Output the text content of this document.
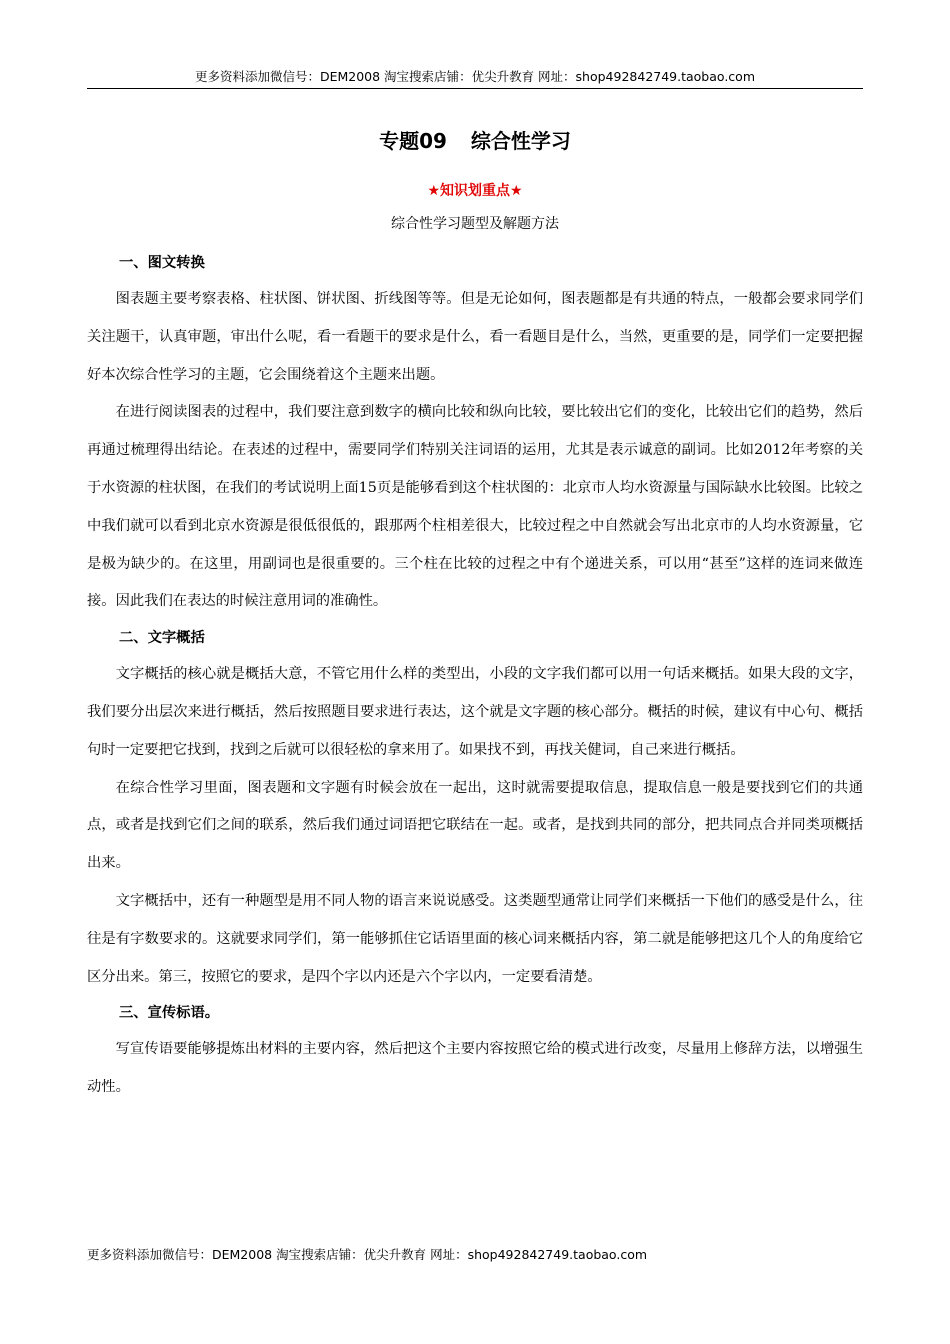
更多资料添加微信号：DEM2008 淘宝搜索店铺：优尖升教育 网址：shop492842749.taobao.com
专题09 综合性学习
★知识划重点★
综合性学习题型及解题方法
一、图文转换

图表题主要考察表格、柱状图、饼状图、折线图等等。但是无论如何，图表题都是有共通的特点，一般都会要求同学们关注题干，认真审题，审出什么呢，看一看题干的要求是什么，看一看题目是什么，当然，更重要的是，同学们一定要把握好本次综合性学习的主题，它会围绕着这个主题来出题。

在进行阅读图表的过程中，我们要注意到数字的横向比较和纵向比较，要比较出它们的变化，比较出它们的趋势，然后再通过梳理得出结论。在表述的过程中，需要同学们特别关注词语的运用，尤其是表示诚意的副词。比如2012年考察的关于水资源的柱状图，在我们的考试说明上面15页是能够看到这个柱状图的：北京市人均水资源量与国际缺水比较图。比较之中我们就可以看到北京水资源是很低很低的，跟那两个柱相差很大，比较过程之中自然就会写出北京市的人均水资源量，它是极为缺少的。在这里，用副词也是很重要的。三个柱在比较的过程之中有个递进关系，可以用“甚至”这样的连词来做连接。因此我们在表达的时候注意用词的准确性。

二、文字概括

文字概括的核心就是概括大意，不管它用什么样的类型出，小段的文字我们都可以用一句话来概括。如果大段的文字，我们要分出层次来进行概括，然后按照题目要求进行表达，这个就是文字题的核心部分。概括的时候，建议有中心句、概括句时一定要把它找到，找到之后就可以很轻松的拿来用了。如果找不到，再找关健词，自己来进行概括。

在综合性学习里面，图表题和文字题有时候会放在一起出，这时就需要提取信息，提取信息一般是要找到它们的共通点，或者是找到它们之间的联系，然后我们通过词语把它联结在一起。或者，是找到共同的部分，把共同点合并同类项概括出来。

文字概括中，还有一种题型是用不同人物的语言来说说感受。这类题型通常让同学们来概括一下他们的感受是什么，往往是有字数要求的。这就要求同学们，第一能够抓住它话语里面的核心词来概括内容，第二就是能够把这几个人的角度给它区分出来。第三，按照它的要求，是四个字以内还是六个字以内，一定要看清楚。

三、宣传标语。

写宣传语要能够提炼出材料的主要内容，然后把这个主要内容按照它给的模式进行改变，尽量用上修辞方法，以增强生动性。

更多资料添加微信号：DEM2008 淘宝搜索店铺：优尖升教育 网址：shop492842749.taobao.com
